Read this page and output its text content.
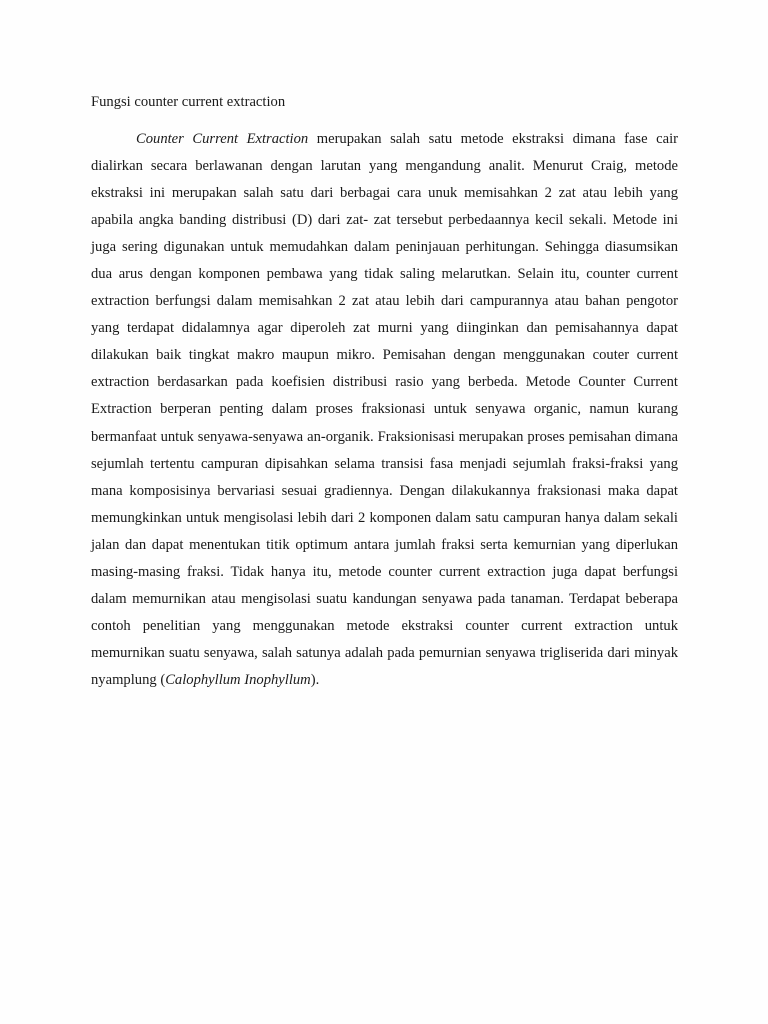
Fungsi counter current extraction

Counter Current Extraction merupakan salah satu metode ekstraksi dimana fase cair dialirkan secara berlawanan dengan larutan yang mengandung analit. Menurut Craig, metode ekstraksi ini merupakan salah satu dari berbagai cara unuk memisahkan 2 zat atau lebih yang apabila angka banding distribusi (D) dari zat- zat tersebut perbedaannya kecil sekali. Metode ini juga sering digunakan untuk memudahkan dalam peninjauan perhitungan. Sehingga diasumsikan dua arus dengan komponen pembawa yang tidak saling melarutkan. Selain itu, counter current extraction berfungsi dalam memisahkan 2 zat atau lebih dari campurannya atau bahan pengotor yang terdapat didalamnya agar diperoleh zat murni yang diinginkan dan pemisahannya dapat dilakukan baik tingkat makro maupun mikro. Pemisahan dengan menggunakan couter current extraction berdasarkan pada koefisien distribusi rasio yang berbeda. Metode Counter Current Extraction berperan penting dalam proses fraksionasi untuk senyawa organic, namun kurang bermanfaat untuk senyawa-senyawa an-organik. Fraksionisasi merupakan proses pemisahan dimana sejumlah tertentu campuran dipisahkan selama transisi fasa menjadi sejumlah fraksi-fraksi yang mana komposisinya bervariasi sesuai gradiennya. Dengan dilakukannya fraksionasi maka dapat memungkinkan untuk mengisolasi lebih dari 2 komponen dalam satu campuran hanya dalam sekali jalan dan dapat menentukan titik optimum antara jumlah fraksi serta kemurnian yang diperlukan masing-masing fraksi. Tidak hanya itu, metode counter current extraction juga dapat berfungsi dalam memurnikan atau mengisolasi suatu kandungan senyawa pada tanaman. Terdapat beberapa contoh penelitian yang menggunakan metode ekstraksi counter current extraction untuk memurnikan suatu senyawa, salah satunya adalah pada pemurnian senyawa trigliserida dari minyak nyamplung (Calophyllum Inophyllum).
